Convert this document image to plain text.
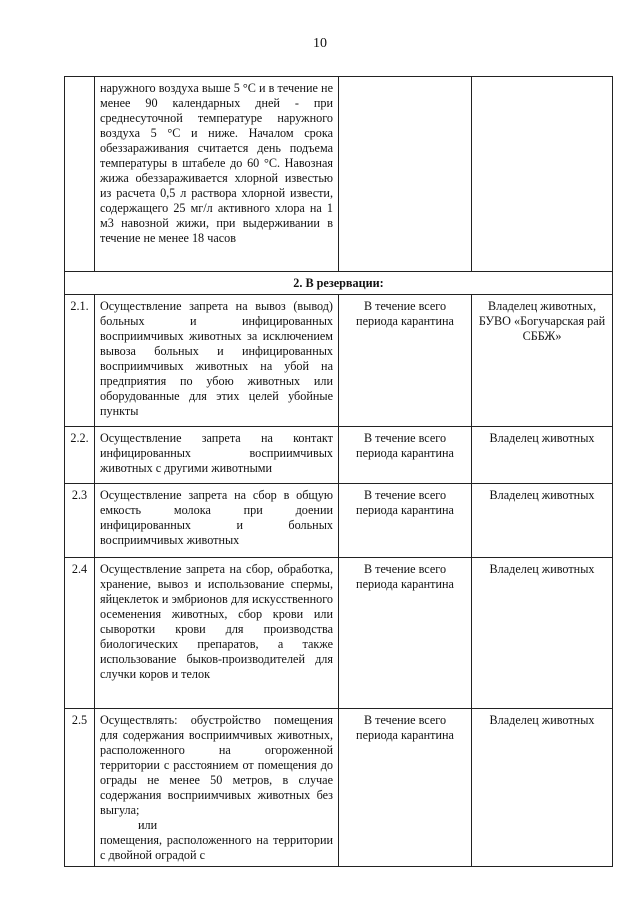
10
	наружного воздуха выше 5 °С и в течение не менее 90 календарных дней - при среднесуточной температуре наружного воздуха 5 °С и ниже. Началом срока обеззараживания считается день подъема температуры в штабеле до 60 °С. Навозная жижа обеззараживается хлорной известью из расчета 0,5 л раствора хлорной извести, содержащего 25 мг/л активного хлора на 1 м3 навозной жижи, при выдерживании в течение не менее 18 часов		
2. В резервации:			
2.1.	Осуществление запрета на вывоз (вывод) больных и инфицированных восприимчивых животных за исключением вывоза больных и инфицированных восприимчивых животных на убой на предприятия по убою животных или оборудованные для этих целей убойные пункты	В течение всего периода карантина	Владелец животных, БУВО «Богучарская рай СББЖ»
2.2.	Осуществление запрета на контакт инфицированных восприимчивых животных с другими животными	В течение всего периода карантина	Владелец животных
2.3	Осуществление запрета на сбор в общую емкость молока при доении инфицированных и больных восприимчивых животных	В течение всего периода карантина	Владелец животных
2.4	Осуществление запрета на сбор, обработка, хранение, вывоз и использование спермы, яйцеклеток и эмбрионов для искусственного осеменения животных, сбор крови или сыворотки крови для производства биологических препаратов, а также использование быков-производителей для случки коров и телок	В течение всего периода карантина	Владелец животных
2.5	Осуществлять: обустройство помещения для содержания восприимчивых животных, расположенного на огороженной территории с расстоянием от помещения до ограды не менее 50 метров, в случае содержания восприимчивых животных без выгула;
или
помещения, расположенного на территории с двойной оградой с	В течение всего периода карантина	Владелец животных
